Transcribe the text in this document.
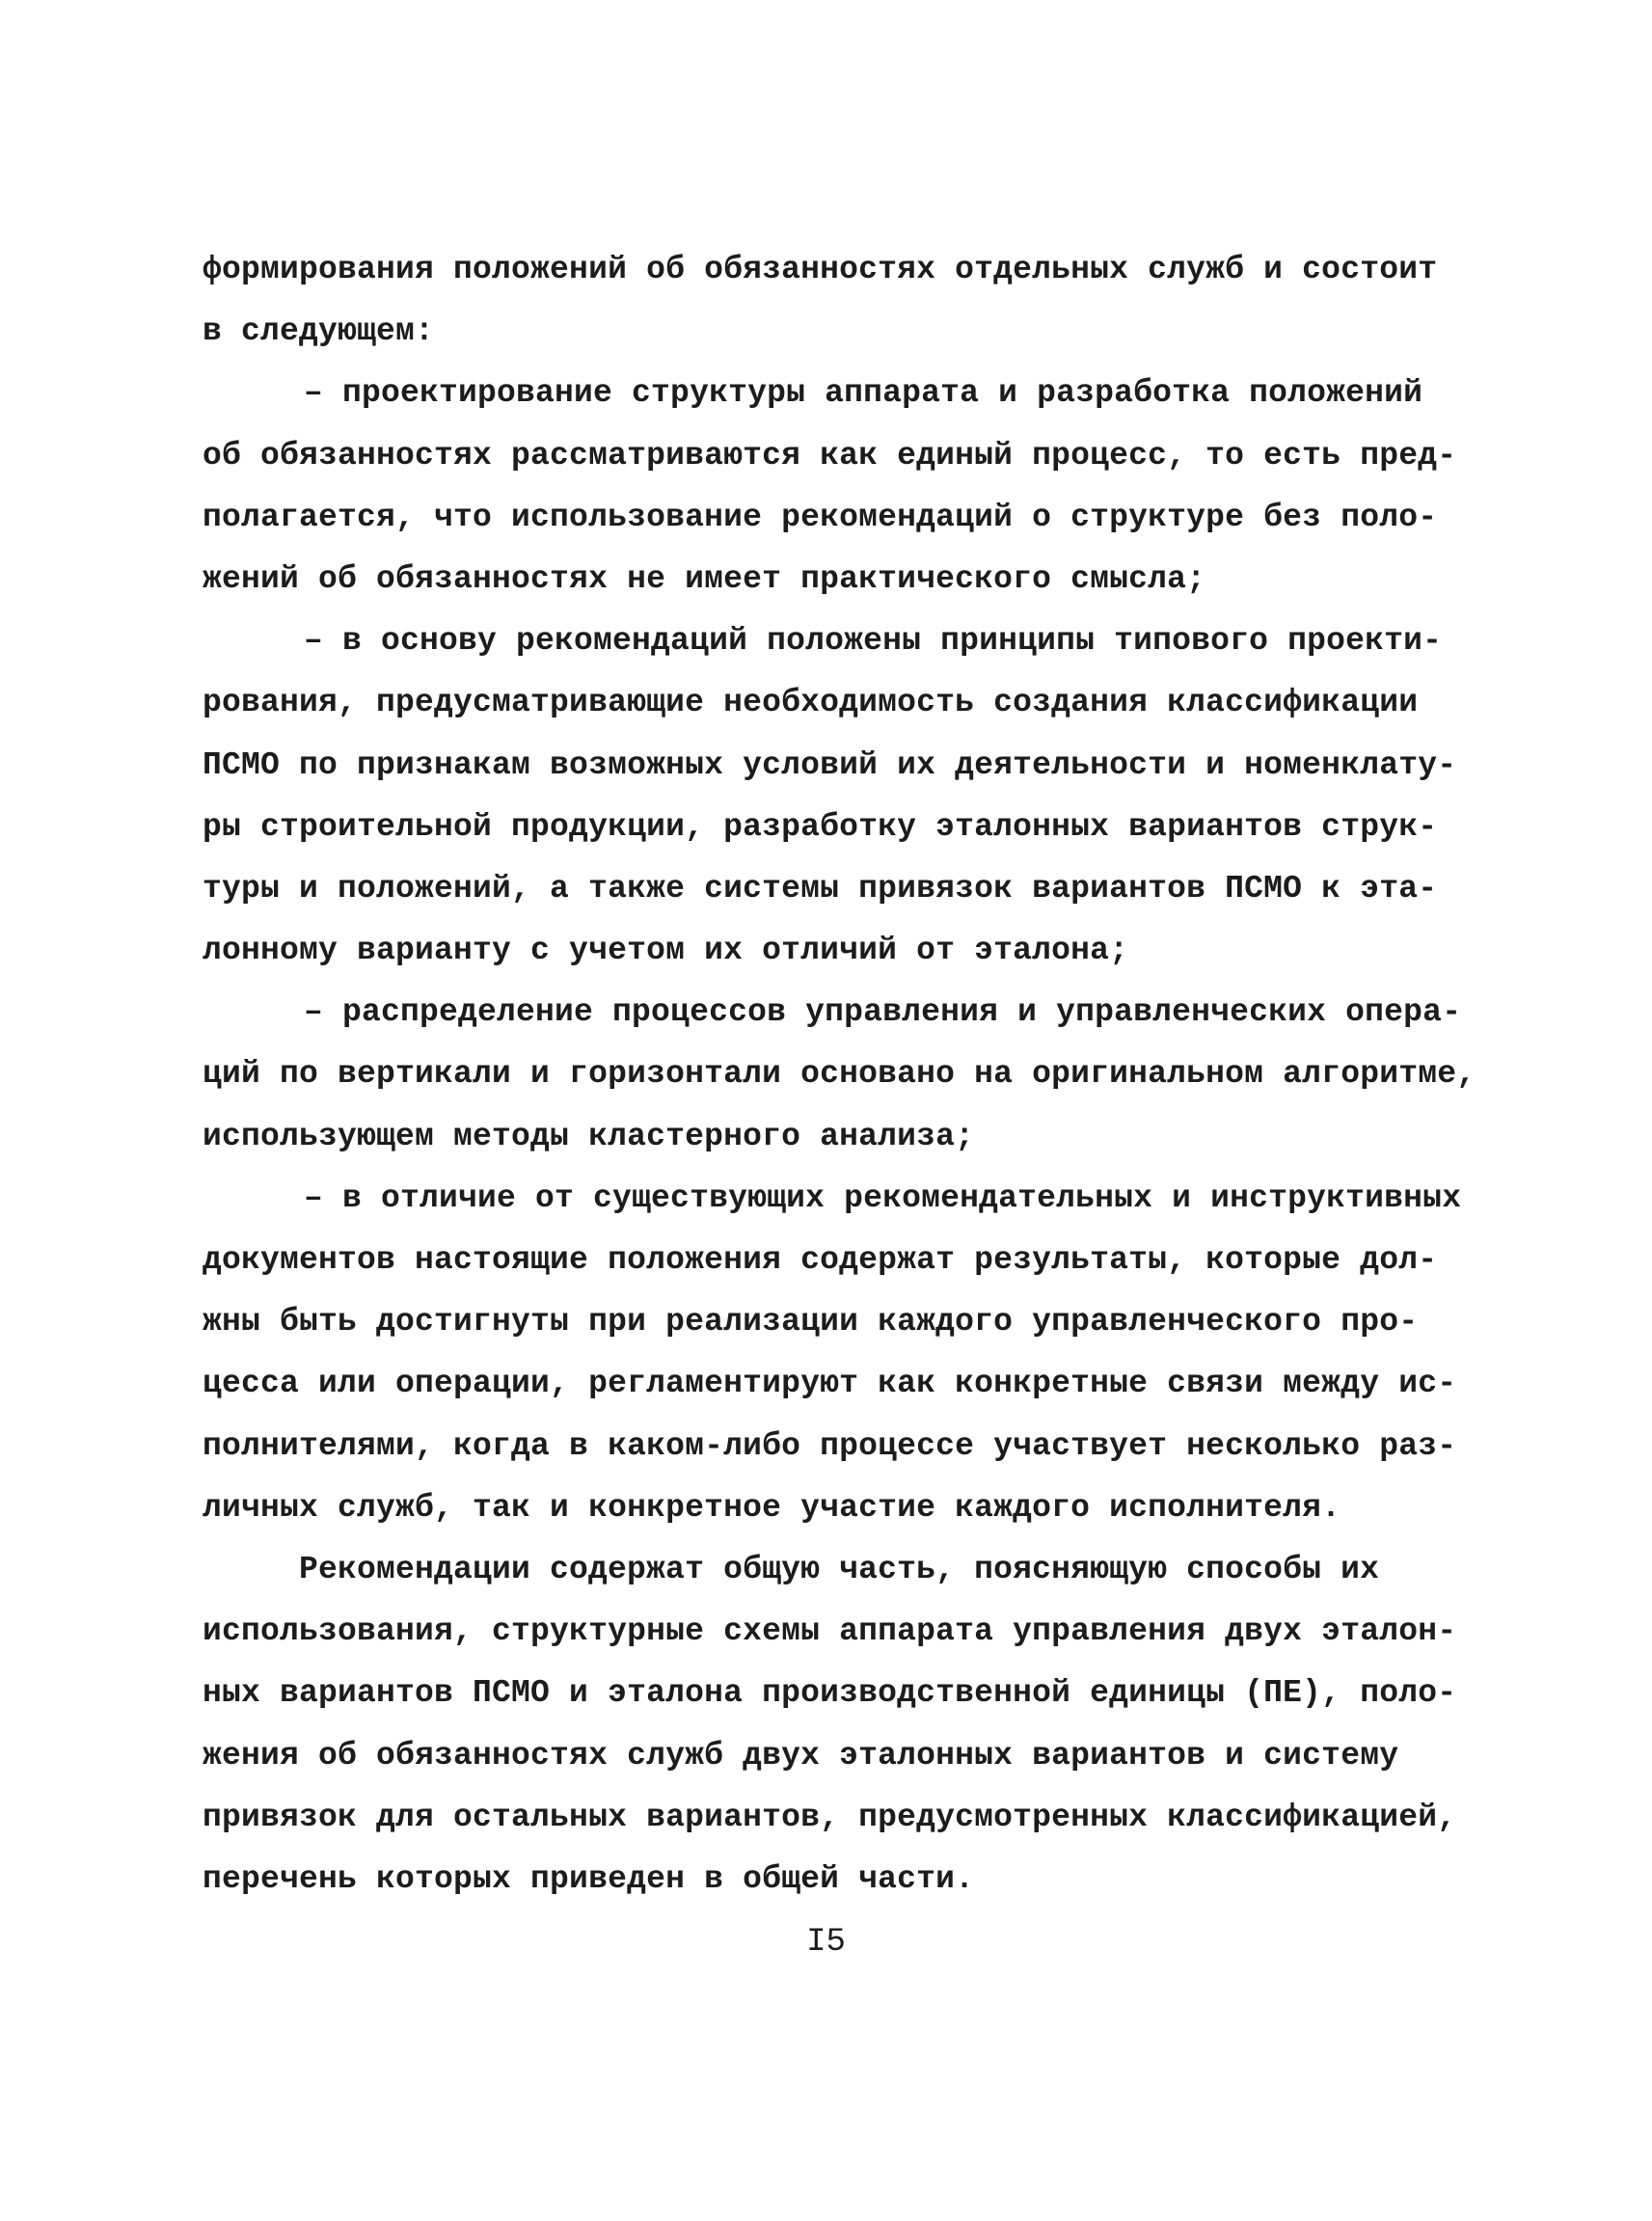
формирования положений об обязанностях отдельных служб и состоит
в следующем:
– проектирование структуры аппарата и разработка положений
об обязанностях рассматриваются как единый процесс, то есть пред-
полагается, что использование рекомендаций о структуре без поло-
жений об обязанностях не имеет практического смысла;
– в основу рекомендаций положены принципы типового проекти-
рования, предусматривающие необходимость создания классификации
ПСМО по признакам возможных условий их деятельности и номенклату-
ры строительной продукции, разработку эталонных вариантов струк-
туры и положений, а также системы привязок вариантов ПСМО к эта-
лонному варианту с учетом их отличий от эталона;
– распределение процессов управления и управленческих опера-
ций по вертикали и горизонтали основано на оригинальном алгоритме,
использующем методы кластерного анализа;
– в отличие от существующих рекомендательных и инструктивных
документов настоящие положения содержат результаты, которые дол-
жны быть достигнуты при реализации каждого управленческого про-
цесса или операции, регламентируют как конкретные связи между ис-
полнителями, когда в каком-либо процессе участвует несколько раз-
личных служб, так и конкретное участие каждого исполнителя.
Рекомендации содержат общую часть, поясняющую способы их
использования, структурные схемы аппарата управления двух эталон-
ных вариантов ПСМО и эталона производственной единицы (ПЕ), поло-
жения об обязанностях служб двух эталонных вариантов и систему
привязок для остальных вариантов, предусмотренных классификацией,
перечень которых приведен в общей части.
I5
